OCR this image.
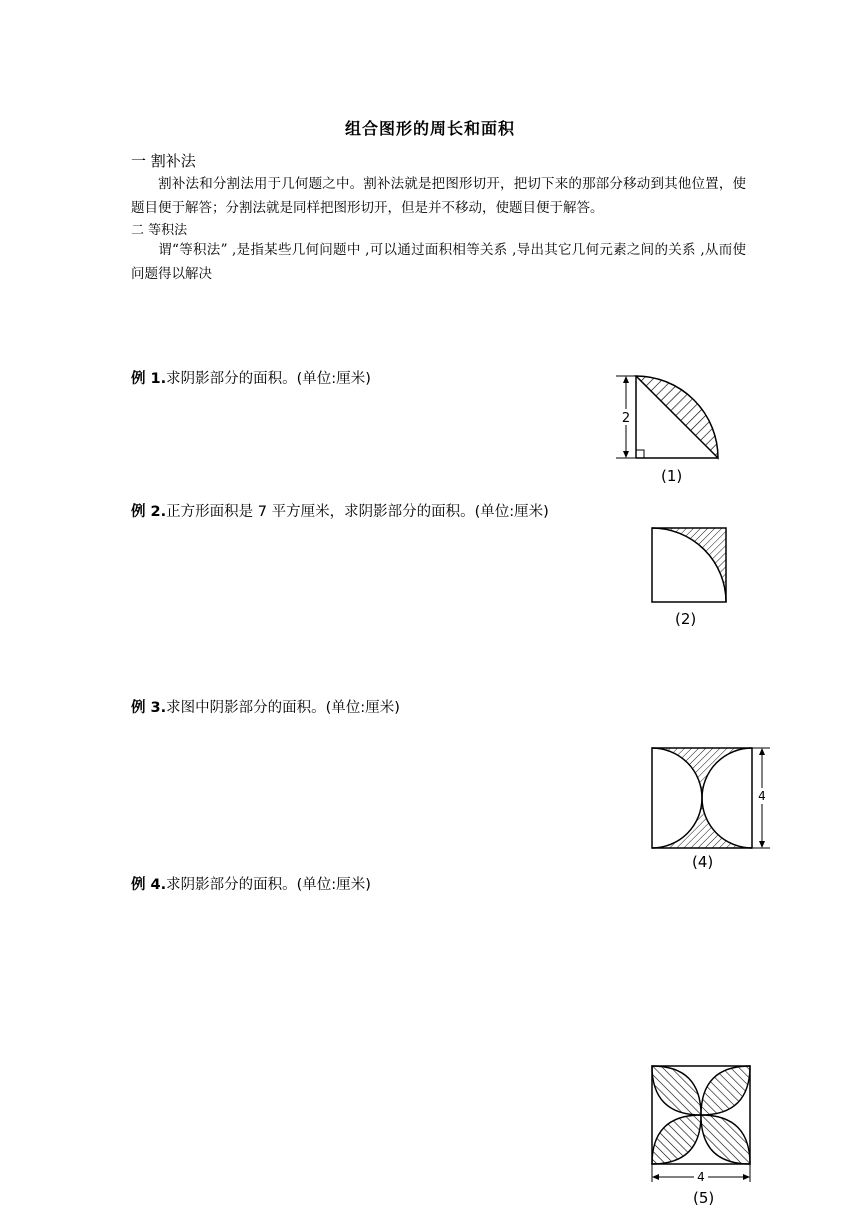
组合图形的周长和面积
一 割补法
割补法和分割法用于几何题之中。割补法就是把图形切开，把切下来的那部分移动到其他位置，使题目便于解答；分割法就是同样把图形切开，但是并不移动，使题目便于解答。
二 等积法
谓“等积法” ,是指某些几何问题中 ,可以通过面积相等关系 ,导出其它几何元素之间的关系 ,从而使问题得以解决
例 1.求阴影部分的面积。(单位:厘米)
2
(1)
例 2.正方形面积是 7 平方厘米，求阴影部分的面积。(单位:厘米)
(2)
例 3.求图中阴影部分的面积。(单位:厘米)
4
(4)
例 4.求阴影部分的面积。(单位:厘米)
4
(5)
